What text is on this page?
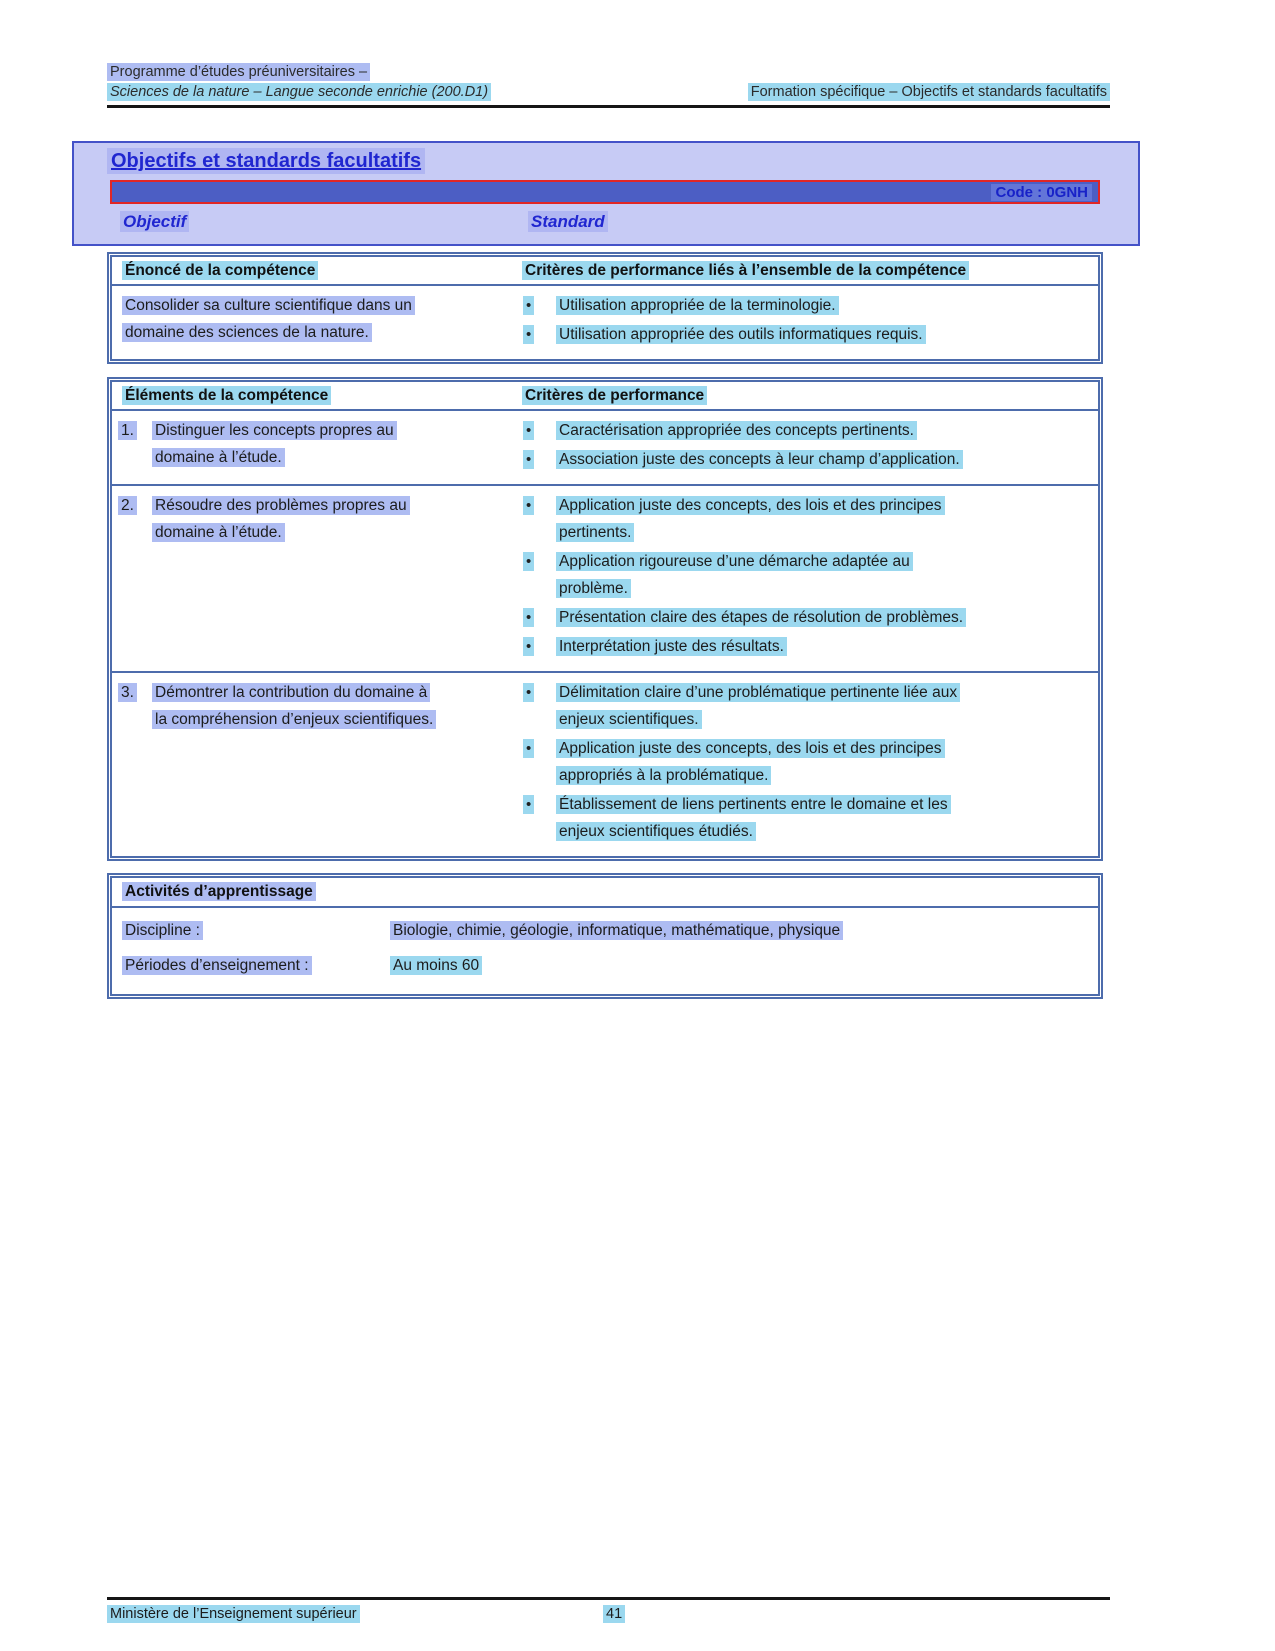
Programme d’études préuniversitaires –
Sciences de la nature – Langue seconde enrichie (200.D1)	Formation spécifique – Objectifs et standards facultatifs
Objectifs et standards facultatifs
Code : 0GNH
Objectif	Standard
Énoncé de la compétence	Critères de performance liés à l’ensemble de la compétence
Consolider sa culture scientifique dans un
domaine des sciences de la nature.
•	Utilisation appropriée de la terminologie.
•	Utilisation appropriée des outils informatiques requis.
Éléments de la compétence	Critères de performance
1.	Distinguer les concepts propres au
domaine à l’étude.
•	Caractérisation appropriée des concepts pertinents.
•	Association juste des concepts à leur champ d’application.
2.	Résoudre des problèmes propres au
domaine à l’étude.
•	Application juste des concepts, des lois et des principes
pertinents.
•	Application rigoureuse d’une démarche adaptée au
problème.
•	Présentation claire des étapes de résolution de problèmes.
•	Interprétation juste des résultats.
3.	Démontrer la contribution du domaine à
la compréhension d’enjeux scientifiques.
•	Délimitation claire d’une problématique pertinente liée aux
enjeux scientifiques.
•	Application juste des concepts, des lois et des principes
appropriés à la problématique.
•	Établissement de liens pertinents entre le domaine et les
enjeux scientifiques étudiés.
Activités d’apprentissage
Discipline :	Biologie, chimie, géologie, informatique, mathématique, physique
Périodes d’enseignement :	Au moins 60
Ministère de l’Enseignement supérieur	41
